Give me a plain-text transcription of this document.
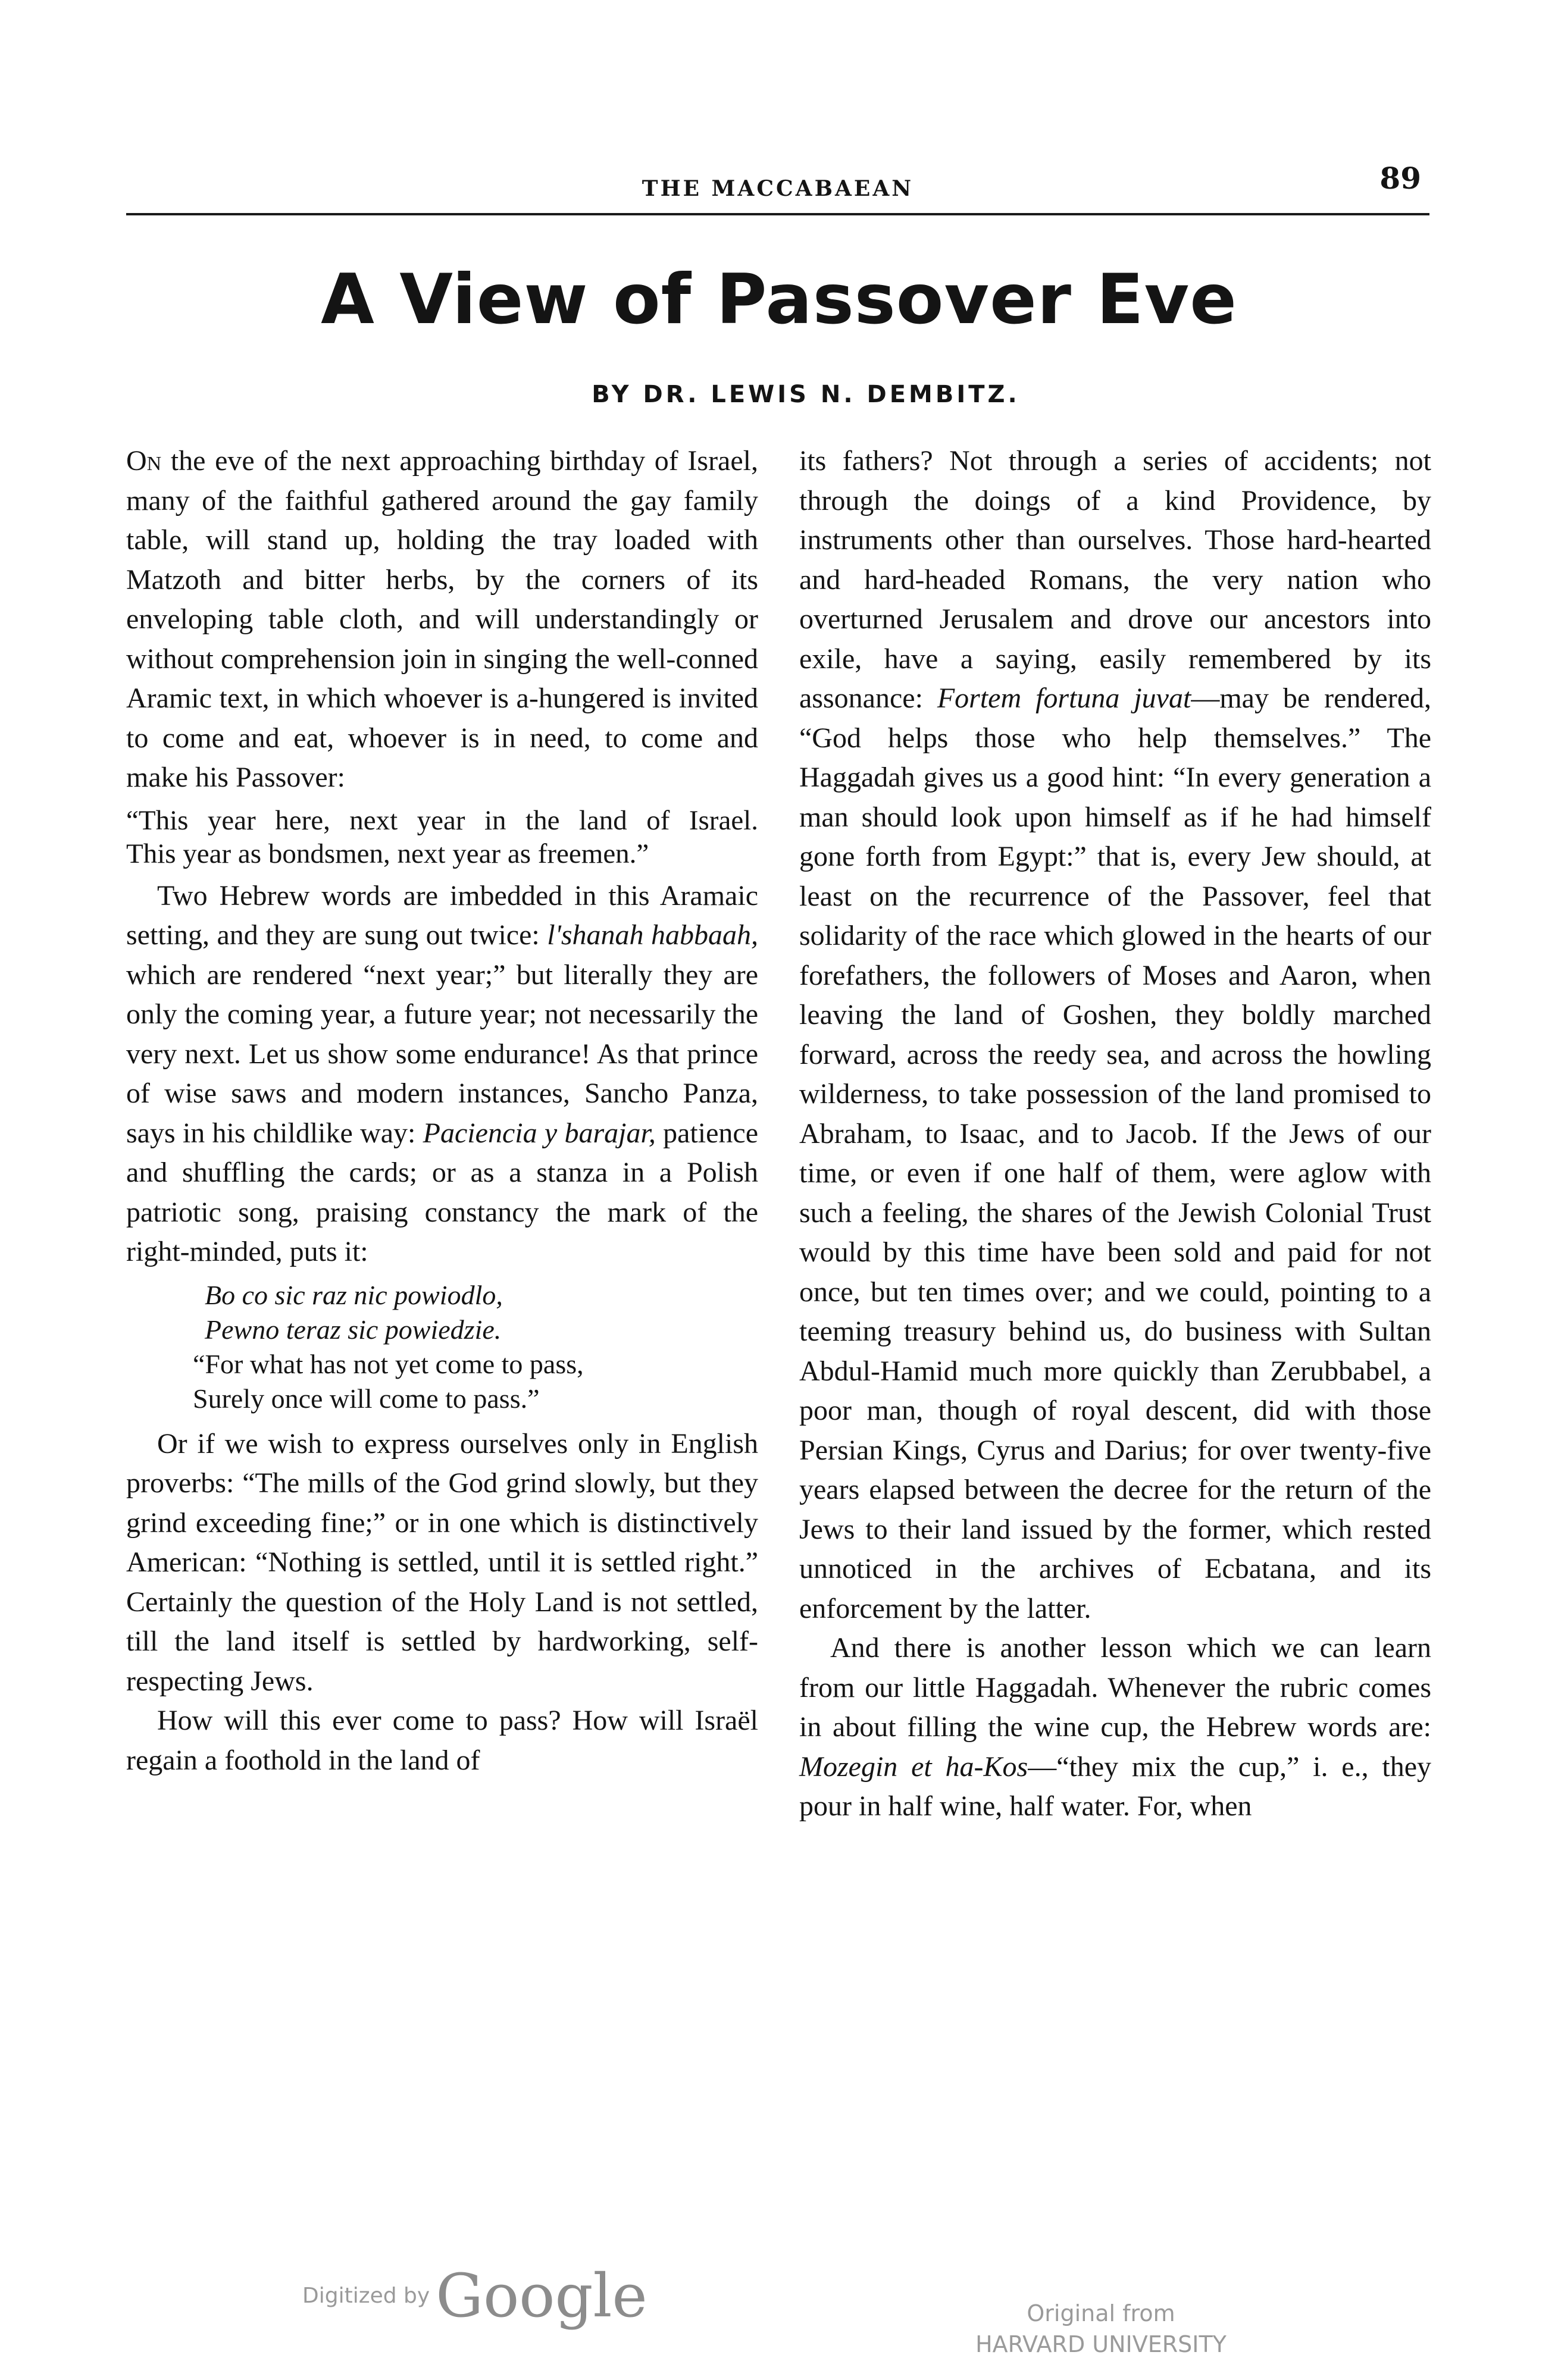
THE MACCABAEAN	89
A View of Passover Eve
BY DR. LEWIS N. DEMBITZ.

On the eve of the next approaching birthday of Israel, many of the faithful gathered around the gay family table, will stand up, holding the tray loaded with Matzoth and bitter herbs, by the corners of its enveloping table cloth, and will understandingly or without comprehension join in singing the well-conned Aramic text, in which whoever is a-hungered is invited to come and eat, whoever is in need, to come and make his Passover:

“This year here, next year in the land of Israel.
This year as bondsmen, next year as freemen.”

Two Hebrew words are imbedded in this Aramaic setting, and they are sung out twice: l'shanah habbaah, which are rendered “next year;” but literally they are only the coming year, a future year; not necessarily the very next. Let us show some endurance! As that prince of wise saws and modern instances, Sancho Panza, says in his childlike way: Paciencia y barajar, patience and shuffling the cards; or as a stanza in a Polish patriotic song, praising constancy the mark of the right-minded, puts it:

Bo co sic raz nic powiodlo,
Pewno teraz sic powiedzie.
“For what has not yet come to pass,
Surely once will come to pass.”

Or if we wish to express ourselves only in English proverbs: “The mills of the God grind slowly, but they grind exceeding fine;” or in one which is distinctively American: “Nothing is settled, until it is settled right.” Certainly the question of the Holy Land is not settled, till the land itself is settled by hardworking, self-respecting Jews.

How will this ever come to pass? How will Israël regain a foothold in the land of

its fathers? Not through a series of accidents; not through the doings of a kind Providence, by instruments other than ourselves. Those hard-hearted and hard-headed Romans, the very nation who overturned Jerusalem and drove our ancestors into exile, have a saying, easily remembered by its assonance: Fortem fortuna juvat—may be rendered, “God helps those who help themselves.” The Haggadah gives us a good hint: “In every generation a man should look upon himself as if he had himself gone forth from Egypt:” that is, every Jew should, at least on the recurrence of the Passover, feel that solidarity of the race which glowed in the hearts of our forefathers, the followers of Moses and Aaron, when leaving the land of Goshen, they boldly marched forward, across the reedy sea, and across the howling wilderness, to take possession of the land promised to Abraham, to Isaac, and to Jacob. If the Jews of our time, or even if one half of them, were aglow with such a feeling, the shares of the Jewish Colonial Trust would by this time have been sold and paid for not once, but ten times over; and we could, pointing to a teeming treasury behind us, do business with Sultan Abdul-Hamid much more quickly than Zerubbabel, a poor man, though of royal descent, did with those Persian Kings, Cyrus and Darius; for over twenty-five years elapsed between the decree for the return of the Jews to their land issued by the former, which rested unnoticed in the archives of Ecbatana, and its enforcement by the latter.

And there is another lesson which we can learn from our little Haggadah. Whenever the rubric comes in about filling the wine cup, the Hebrew words are: Mozegin et ha-Kos—“they mix the cup,” i. e., they pour in half wine, half water. For, when

Digitized by Google	Original from
HARVARD UNIVERSITY
